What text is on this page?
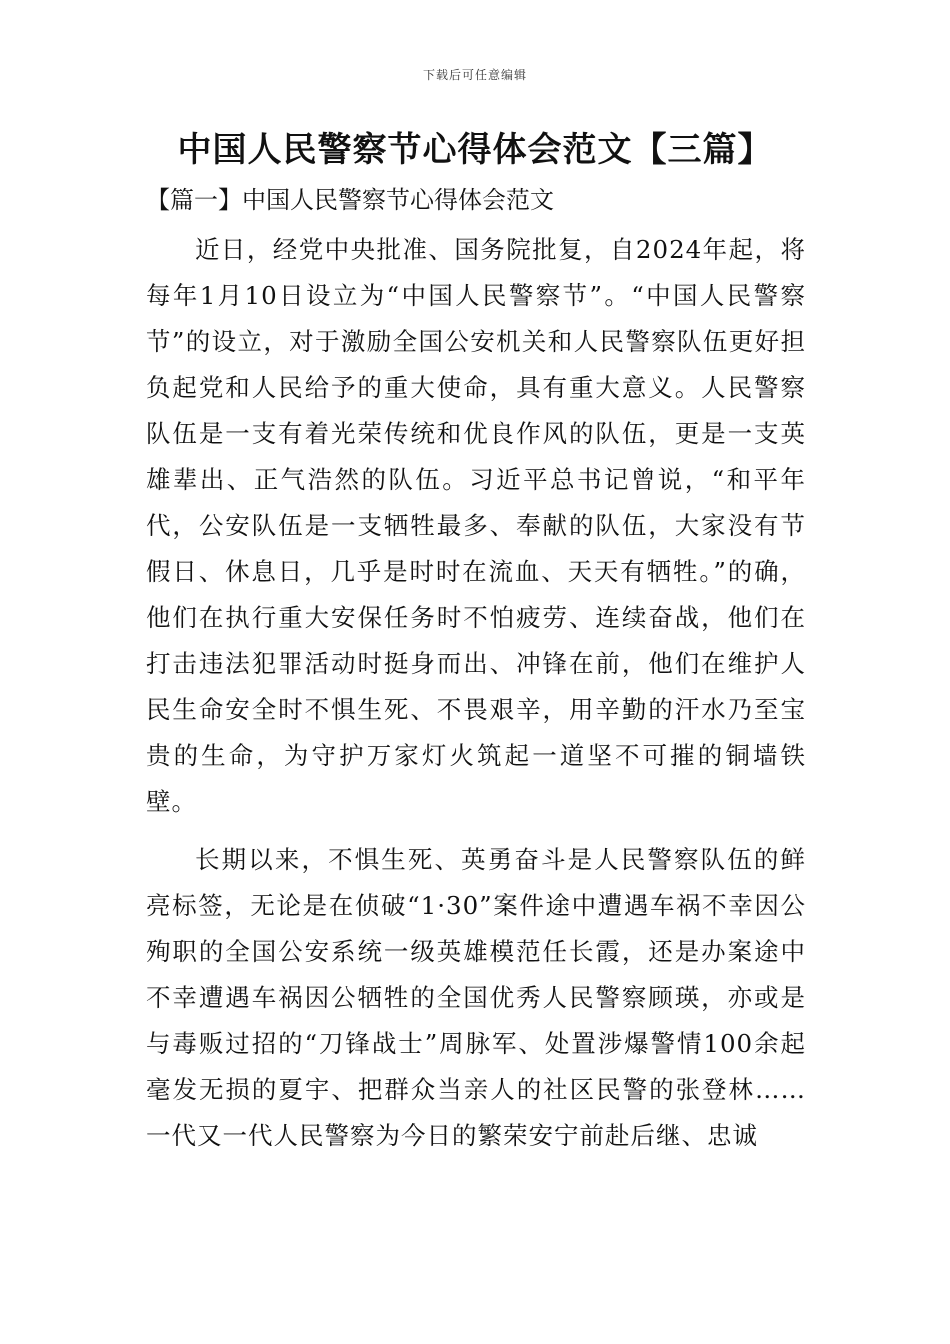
下载后可任意编辑
中国人民警察节心得体会范文【三篇】
【篇一】中国人民警察节心得体会范文

近日，经党中央批准、国务院批复，自2024年起，将每年1月10日设立为“中国人民警察节”。“中国人民警察节”的设立，对于激励全国公安机关和人民警察队伍更好担负起党和人民给予的重大使命，具有重大意义。人民警察队伍是一支有着光荣传统和优良作风的队伍，更是一支英雄辈出、正气浩然的队伍。习近平总书记曾说，“和平年代，公安队伍是一支牺牲最多、奉献的队伍，大家没有节假日、休息日，几乎是时时在流血、天天有牺牲。”的确，他们在执行重大安保任务时不怕疲劳、连续奋战，他们在打击违法犯罪活动时挺身而出、冲锋在前，他们在维护人民生命安全时不惧生死、不畏艰辛，用辛勤的汗水乃至宝贵的生命，为守护万家灯火筑起一道坚不可摧的铜墙铁壁。

长期以来，不惧生死、英勇奋斗是人民警察队伍的鲜亮标签，无论是在侦破“1·30”案件途中遭遇车祸不幸因公殉职的全国公安系统一级英雄模范任长霞，还是办案途中不幸遭遇车祸因公牺牲的全国优秀人民警察顾瑛，亦或是与毒贩过招的“刀锋战士”周脉军、处置涉爆警情100余起毫发无损的夏宇、把群众当亲人的社区民警的张登林……一代又一代人民警察为今日的繁荣安宁前赴后继、忠诚
